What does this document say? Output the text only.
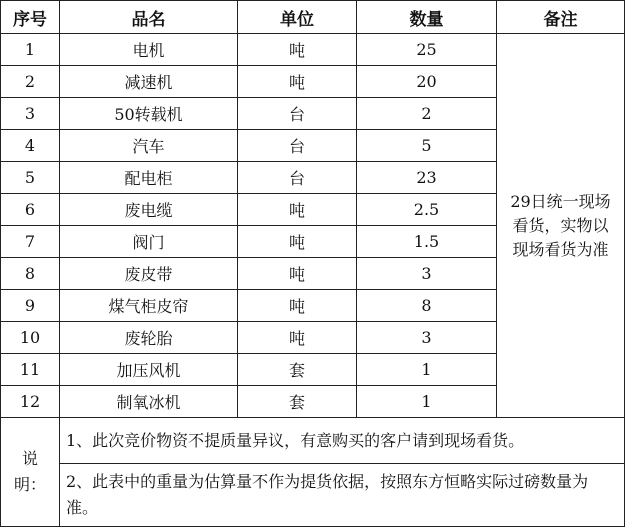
序号	品名	单位	数量	备注
1	电机	吨	25	29日统一现场
看货，实物以
现场看货为准

2	减速机	吨	20	
3	50转载机	台	2	
4	汽车	台	5	
5	配电柜	台	23	
6	废电缆	吨	2.5	
7	阀门	吨	1.5	
8	废皮带	吨	3	
9	煤气柜皮帘	吨	8	
10	废轮胎	吨	3	
11	加压风机	套	1	
12	制氧冰机	套	1	

说
明：	1、此次竞价物资不提质量异议，有意购买的客户请到现场看货。			
	2、此表中的重量为估算量不作为提货依据，按照东方恒略实际过磅数量为准。			
